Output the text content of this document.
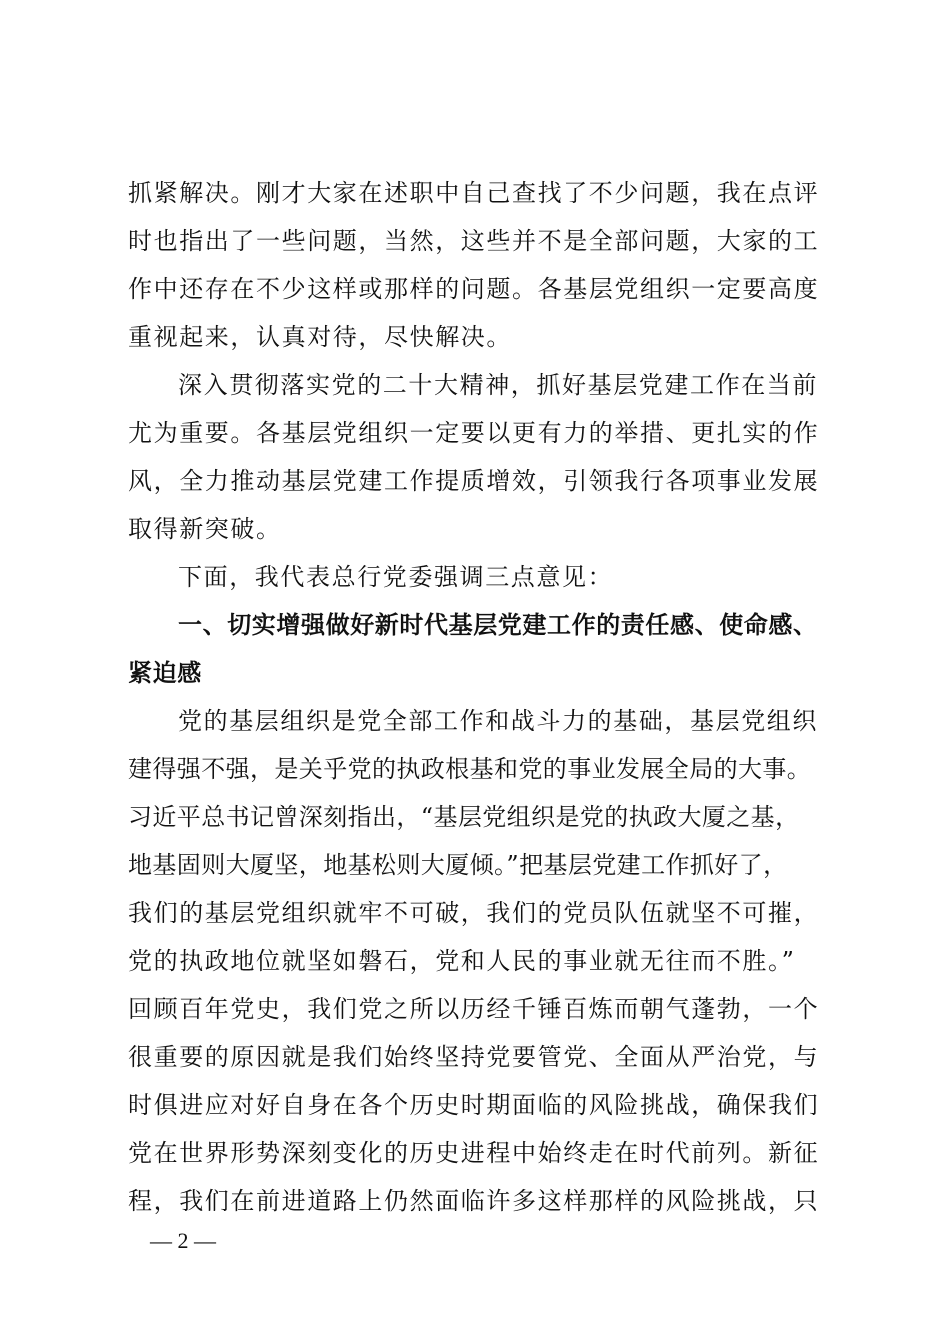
抓紧解决。刚才大家在述职中自己查找了不少问题，我在点评
时也指出了一些问题，当然，这些并不是全部问题，大家的工
作中还存在不少这样或那样的问题。各基层党组织一定要高度
重视起来，认真对待，尽快解决。
深入贯彻落实党的二十大精神，抓好基层党建工作在当前
尤为重要。各基层党组织一定要以更有力的举措、更扎实的作
风，全力推动基层党建工作提质增效，引领我行各项事业发展
取得新突破。
下面，我代表总行党委强调三点意见：
一、切实增强做好新时代基层党建工作的责任感、使命感、
紧迫感
党的基层组织是党全部工作和战斗力的基础，基层党组织
建得强不强，是关乎党的执政根基和党的事业发展全局的大事。
习近平总书记曾深刻指出，“基层党组织是党的执政大厦之基，
地基固则大厦坚，地基松则大厦倾。”把基层党建工作抓好了，
我们的基层党组织就牢不可破，我们的党员队伍就坚不可摧，
党的执政地位就坚如磐石，党和人民的事业就无往而不胜。”
回顾百年党史，我们党之所以历经千锤百炼而朝气蓬勃，一个
很重要的原因就是我们始终坚持党要管党、全面从严治党，与
时俱进应对好自身在各个历史时期面临的风险挑战，确保我们
党在世界形势深刻变化的历史进程中始终走在时代前列。新征
程，我们在前进道路上仍然面临许多这样那样的风险挑战，只
— 2 —
